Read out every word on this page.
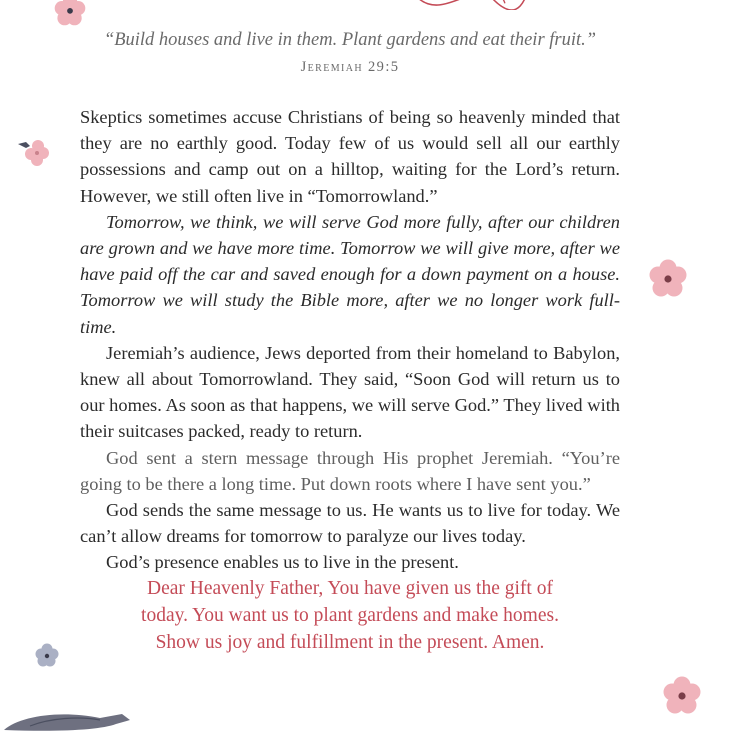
“Build houses and live in them. Plant gardens and eat their fruit.”

Jeremiah 29:5

Skeptics sometimes accuse Christians of being so heavenly minded that they are no earthly good. Today few of us would sell all our earthly possessions and camp out on a hilltop, waiting for the Lord’s return. However, we still often live in “Tomorrowland.”

Tomorrow, we think, we will serve God more fully, after our children are grown and we have more time. Tomorrow we will give more, after we have paid off the car and saved enough for a down payment on a house. Tomorrow we will study the Bible more, after we no longer work full-time.

Jeremiah’s audience, Jews deported from their homeland to Babylon, knew all about Tomorrowland. They said, “Soon God will return us to our homes. As soon as that happens, we will serve God.” They lived with their suitcases packed, ready to return.

God sent a stern message through His prophet Jeremiah. “You’re going to be there a long time. Put down roots where I have sent you.”

God sends the same message to us. He wants us to live for today. We can’t allow dreams for tomorrow to paralyze our lives today.

God’s presence enables us to live in the present.

Dear Heavenly Father, You have given us the gift of
today. You want us to plant gardens and make homes.
Show us joy and fulfillment in the present. Amen.
